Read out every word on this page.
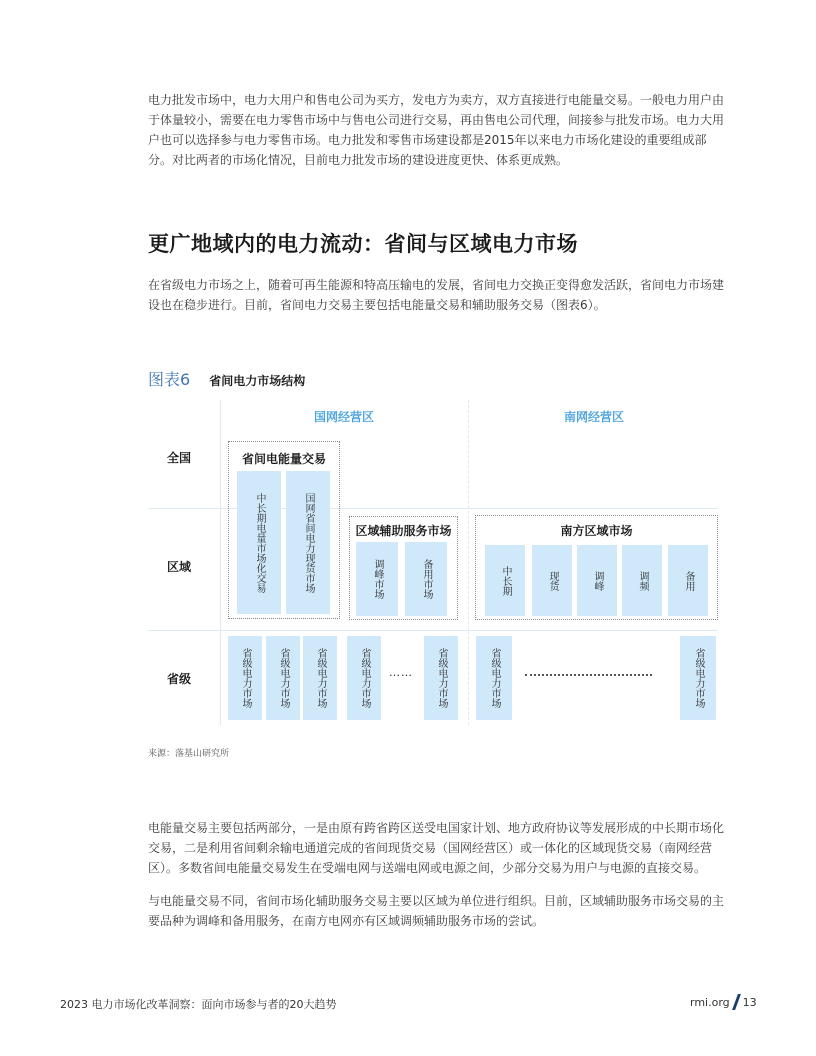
电力批发市场中，电力大用户和售电公司为买方，发电方为卖方，双方直接进行电能量交易。一般电力用户由于体量较小，需要在电力零售市场中与售电公司进行交易，再由售电公司代理，间接参与批发市场。电力大用户也可以选择参与电力零售市场。电力批发和零售市场建设都是2015年以来电力市场化建设的重要组成部分。对比两者的市场化情况，目前电力批发市场的建设进度更快、体系更成熟。

更广地域内的电力流动：省间与区域电力市场

在省级电力市场之上，随着可再生能源和特高压输电的发展，省间电力交换正变得愈发活跃，省间电力市场建设也在稳步进行。目前，省间电力交易主要包括电能量交易和辅助服务交易（图表6）。

图表6 省间电力市场结构
国网经营区	南网经营区
全国
区域
省级
省间电能量交易
中长期电量市场化交易	国网省间电力现货市场	区域辅助服务市场
调峰市场	备用市场
南方区域市场
中长期	现货	调峰	调频	备用
省级电力市场	省级电力市场	省级电力市场	省级电力市场 …… 省级电力市场	省级电力市场	省级电力市场
来源：落基山研究所

电能量交易主要包括两部分，一是由原有跨省跨区送受电国家计划、地方政府协议等发展形成的中长期市场化交易，二是利用省间剩余输电通道完成的省间现货交易（国网经营区）或一体化的区域现货交易（南网经营区）。多数省间电能量交易发生在受端电网与送端电网或电源之间，少部分交易为用户与电源的直接交易。

与电能量交易不同，省间市场化辅助服务交易主要以区域为单位进行组织。目前，区域辅助服务市场交易的主要品种为调峰和备用服务，在南方电网亦有区域调频辅助服务市场的尝试。

2023 电力市场化改革洞察：面向市场参与者的20大趋势	rmi.org 13
